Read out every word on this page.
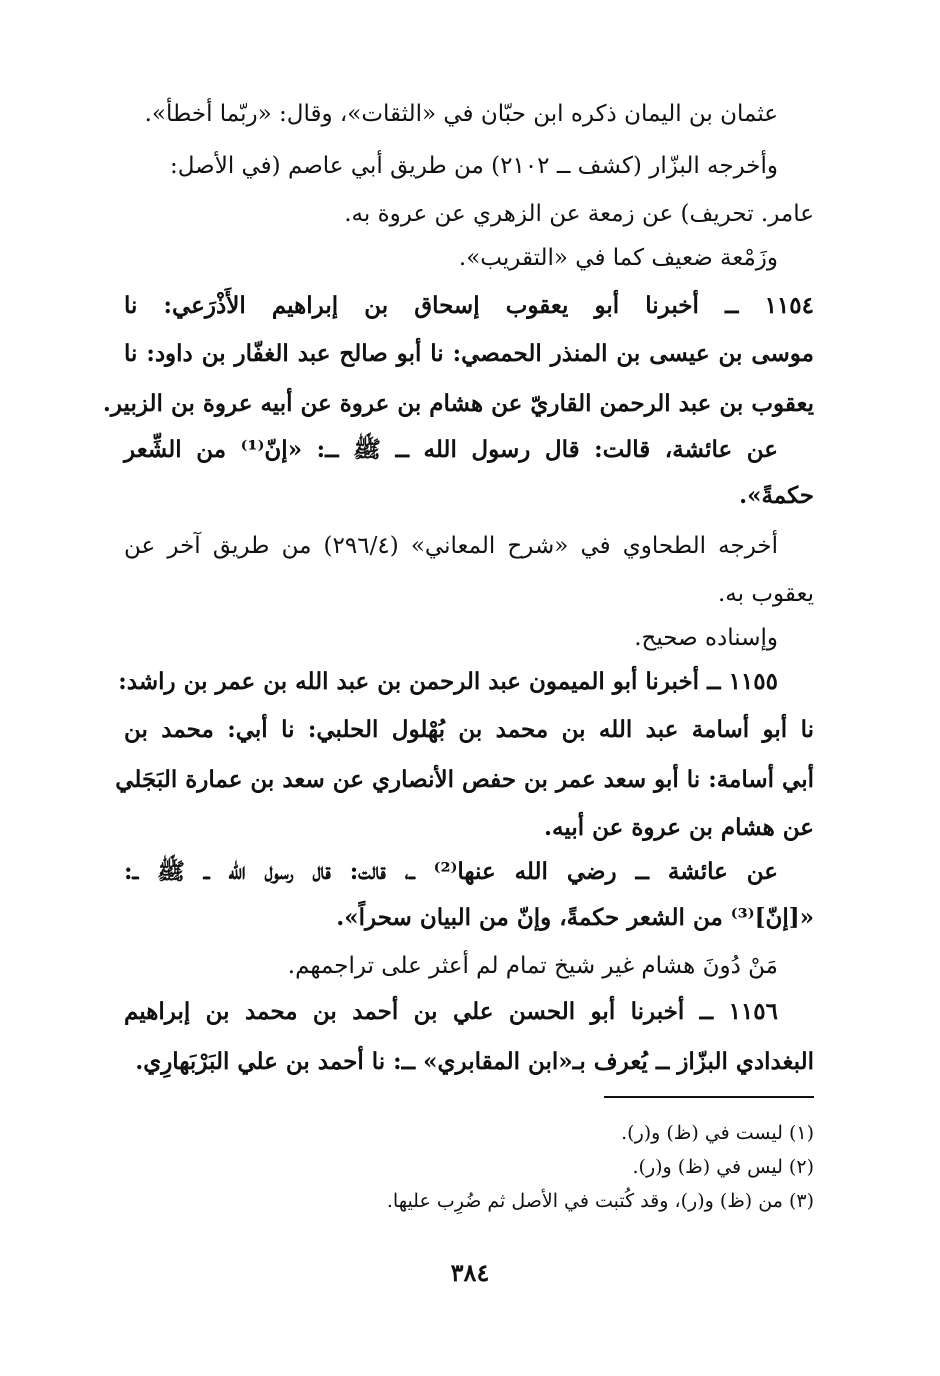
عثمان بن اليمان ذكره ابن حبّان في «الثقات»، وقال: «ربّما أخطأ».
وأخرجه البزّار (كشف ــ ٢١٠٢) من طريق أبي عاصم (في الأصل:
عامر. تحريف) عن زمعة عن الزهري عن عروة به.
وزَمْعة ضعيف كما في «التقريب».
١١٥٤ ــ أخبرنا أبو يعقوب إسحاق بن إبراهيم الأَذْرَعي: نا
موسى بن عيسى بن المنذر الحمصي: نا أبو صالح عبد الغفّار بن داود: نا
يعقوب بن عبد الرحمن القاريّ عن هشام بن عروة عن أبيه عروة بن الزبير.
عن عائشة، قالت: قال رسول الله ــ ﷺ ــ: «إنّ⁽¹⁾ من الشِّعر
حكمةً».
أخرجه الطحاوي في «شرح المعاني» (٢٩٦/٤) من طريق آخر عن
يعقوب به.
وإسناده صحيح.
١١٥٥ ــ أخبرنا أبو الميمون عبد الرحمن بن عبد الله بن عمر بن راشد:
نا أبو أسامة عبد الله بن محمد بن بُهْلول الحلبي: نا أبي: محمد بن
أبي أسامة: نا أبو سعد عمر بن حفص الأنصاري عن سعد بن عمارة البَجَلي
عن هشام بن عروة عن أبيه.
عن عائشة ــ رضي الله عنها⁽²⁾ ــ، قالت: قال رسول الله ــ ﷺ ــ:
«[إنّ]⁽³⁾ من الشعر حكمةً، وإنّ من البيان سحراً».
مَنْ دُونَ هشام غير شيخ تمام لم أعثر على تراجمهم.
١١٥٦ ــ أخبرنا أبو الحسن علي بن أحمد بن محمد بن إبراهيم
البغدادي البزّاز ــ يُعرف بـ«ابن المقابري» ــ: نا أحمد بن علي البَرْبَهارِي.
(١) ليست في (ظ) و(ر).
(٢) ليس في (ظ) و(ر).
(٣) من (ظ) و(ر)، وقد كُتبت في الأصل ثم ضُرِب عليها.
٣٨٤
